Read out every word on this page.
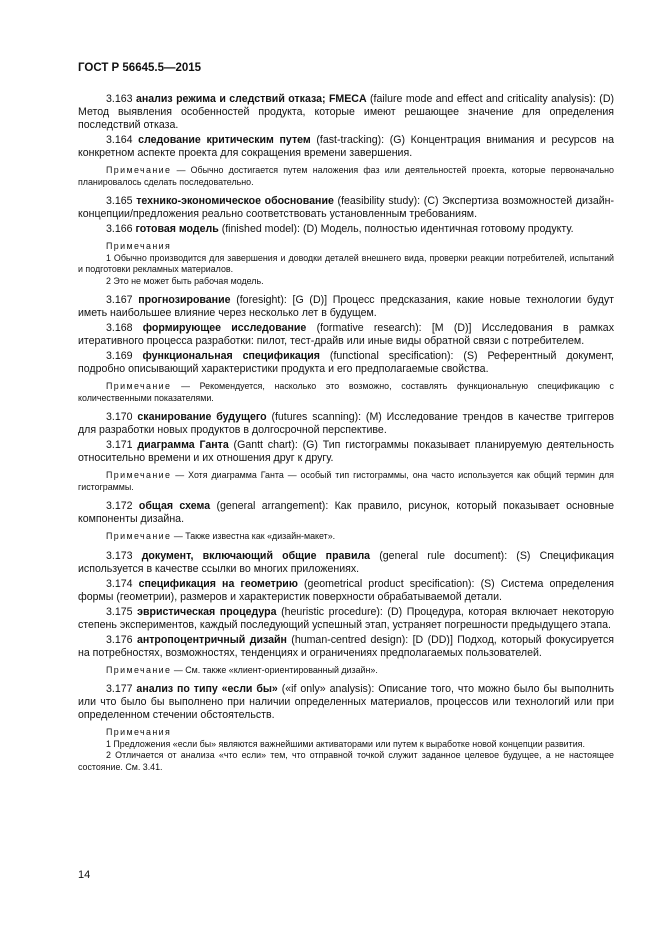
ГОСТ Р 56645.5—2015

3.163 анализ режима и следствий отказа; FMECA (failure mode and effect and criticality analysis): (D) Метод выявления особенностей продукта, которые имеют решающее значение для определения последствий отказа.

3.164 следование критическим путем (fast-tracking): (G) Концентрация внимания и ресурсов на конкретном аспекте проекта для сокращения времени завершения.

Примечание — Обычно достигается путем наложения фаз или деятельностей проекта, которые первоначально планировалось сделать последовательно.

3.165 технико-экономическое обоснование (feasibility study): (С) Экспертиза возможностей дизайн-концепции/предложения реально соответствовать установленным требованиям.

3.166 готовая модель (finished model): (D) Модель, полностью идентичная готовому продукту.

Примечания

1 Обычно производится для завершения и доводки деталей внешнего вида, проверки реакции потребителей, испытаний и подготовки рекламных материалов.

2 Это не может быть рабочая модель.

3.167 прогнозирование (foresight): [G (D)] Процесс предсказания, какие новые технологии будут иметь наибольшее влияние через несколько лет в будущем.

3.168 формирующее исследование (formative research): [M (D)] Исследования в рамках итеративного процесса разработки: пилот, тест-драйв или иные виды обратной связи с потребителем.

3.169 функциональная спецификация (functional specification): (S) Референтный документ, подробно описывающий характеристики продукта и его предполагаемые свойства.

Примечание — Рекомендуется, насколько это возможно, составлять функциональную спецификацию с количественными показателями.

3.170 сканирование будущего (futures scanning): (М) Исследование трендов в качестве триггеров для разработки новых продуктов в долгосрочной перспективе.

3.171 диаграмма Ганта (Gantt chart): (G) Тип гистограммы показывает планируемую деятельность относительно времени и их отношения друг к другу.

Примечание — Хотя диаграмма Ганта — особый тип гистограммы, она часто используется как общий термин для гистограммы.

3.172 общая схема (general arrangement): Как правило, рисунок, который показывает основные компоненты дизайна.

Примечание — Также известна как «дизайн-макет».

3.173 документ, включающий общие правила (general rule document): (S) Спецификация используется в качестве ссылки во многих приложениях.

3.174 спецификация на геометрию (geometrical product specification): (S) Система определения формы (геометрии), размеров и характеристик поверхности обрабатываемой детали.

3.175 эвристическая процедура (heuristic procedure): (D) Процедура, которая включает некоторую степень экспериментов, каждый последующий успешный этап, устраняет погрешности предыдущего этапа.

3.176 антропоцентричный дизайн (human-centred design): [D (DD)] Подход, который фокусируется на потребностях, возможностях, тенденциях и ограничениях предполагаемых пользователей.

Примечание — См. также «клиент-ориентированный дизайн».

3.177 анализ по типу «если бы» («if only» analysis): Описание того, что можно было бы выполнить или что было бы выполнено при наличии определенных материалов, процессов или технологий или при определенном стечении обстоятельств.

Примечания

1 Предложения «если бы» являются важнейшими активаторами или путем к выработке новой концепции развития.

2 Отличается от анализа «что если» тем, что отправной точкой служит заданное целевое будущее, а не настоящее состояние. См. 3.41.

14
